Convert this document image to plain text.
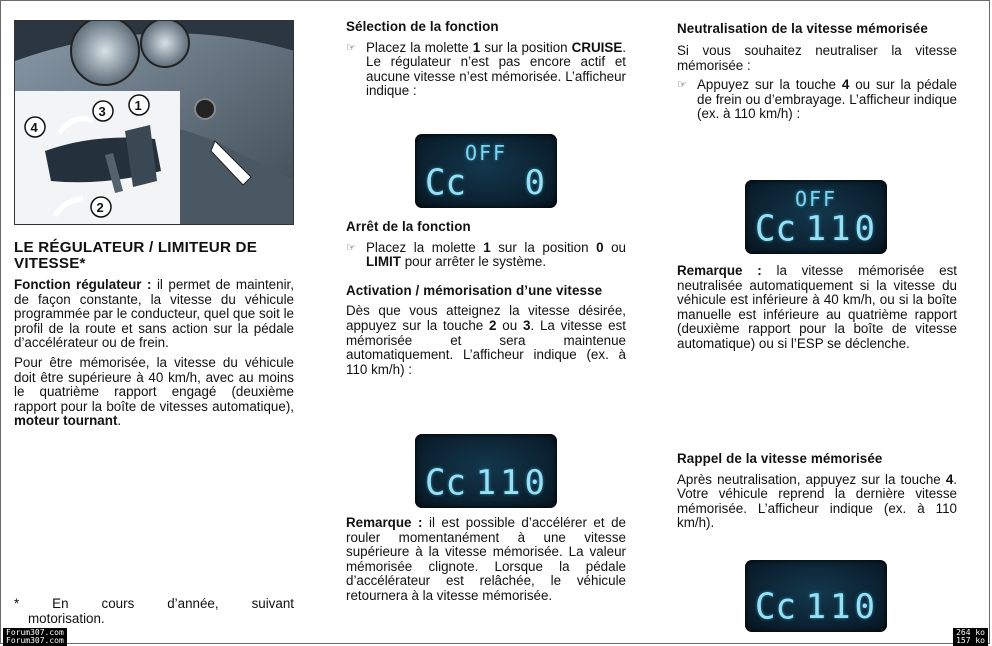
1
2
3
4
LE RÉGULATEUR / LIMITEUR DE VITESSE*

Fonction régulateur : il permet de maintenir, de façon constante, la vitesse du véhicule programmée par le conducteur, quel que soit le profil de la route et sans action sur la pédale d’accélérateur ou de frein.

Pour être mémorisée, la vitesse du véhicule doit être supérieure à 40 km/h, avec au moins le quatrième rapport engagé (deuxième rapport pour la boîte de vitesses automatique), moteur tournant.

* En cours d’année, suivant
motorisation.
Sélection de la fonction
☞ Placez la molette 1 sur la position CRUISE. Le régulateur n’est pas encore actif et aucune vitesse n’est mémorisée. L’afficheur indique :
OFF
Cc 0
Arrêt de la fonction
☞ Placez la molette 1 sur la position 0 ou LIMIT pour arrêter le système.
Activation / mémorisation d’une vitesse

Dès que vous atteignez la vitesse désirée, appuyez sur la touche 2 ou 3. La vitesse est mémorisée et sera maintenue automatiquement. L’afficheur indique (ex. à 110 km/h) :

Cc 110

Remarque : il est possible d’accélérer et de rouler momentanément à une vitesse supérieure à la vitesse mémorisée. La valeur mémorisée clignote. Lorsque la pédale d’accélérateur est relâchée, le véhicule retournera à la vitesse mémorisée.

Neutralisation de la vitesse mémorisée

Si vous souhaitez neutraliser la vitesse mémorisée :

☞ Appuyez sur la touche 4 ou sur la pédale de frein ou d’embrayage. L’afficheur indique (ex. à 110 km/h) :
OFF
Cc 110

Remarque : la vitesse mémorisée est neutralisée automatiquement si la vitesse du véhicule est inférieure à 40 km/h, ou si la boîte manuelle est inférieure au quatrième rapport (deuxième rapport pour la boîte de vitesse automatique) ou si l’ESP se déclenche.

Rappel de la vitesse mémorisée

Après neutralisation, appuyez sur la touche 4. Votre véhicule reprend la dernière vitesse mémorisée. L’afficheur indique (ex. à 110 km/h).

Cc 110
Forum307.com
Forum307.com
264 ko
157 ko
